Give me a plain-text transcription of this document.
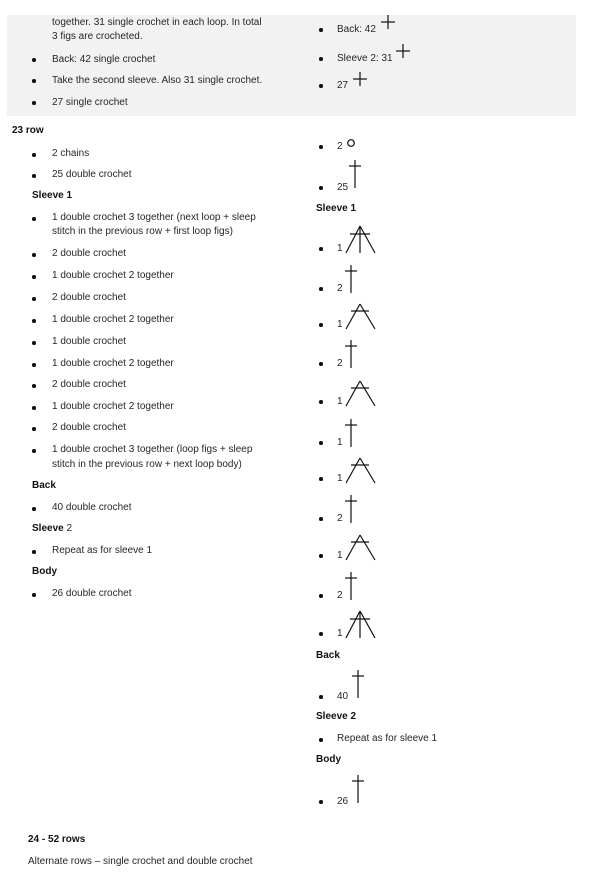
together. 31 single crochet in each loop. In total
3 figs are crocheted.
Back: 42 single crochet
Take the second sleeve. Also 31 single crochet.
27 single crochet
Back: 42
Sleeve 2: 31
27
23 row
2 chains
25 double crochet
Sleeve 1
1 double crochet 3 together (next loop + sleep
stitch in the previous row + first loop figs)
2 double crochet
1 double crochet 2 together
2 double crochet
1 double crochet 2 together
1 double crochet
1 double crochet 2 together
2 double crochet
1 double crochet 2 together
2 double crochet
1 double crochet 3 together (loop figs + sleep
stitch in the previous row + next loop body)
Back
40 double crochet
Sleeve 2
Repeat as for sleeve 1
Body
26 double crochet
2
25
Sleeve 1
1
2
1
2
1
1
1
2
1
2
1
Back
40
Sleeve 2
Repeat as for sleeve 1
Body
26
24 - 52 rows
Alternate rows – single crochet and double crochet
